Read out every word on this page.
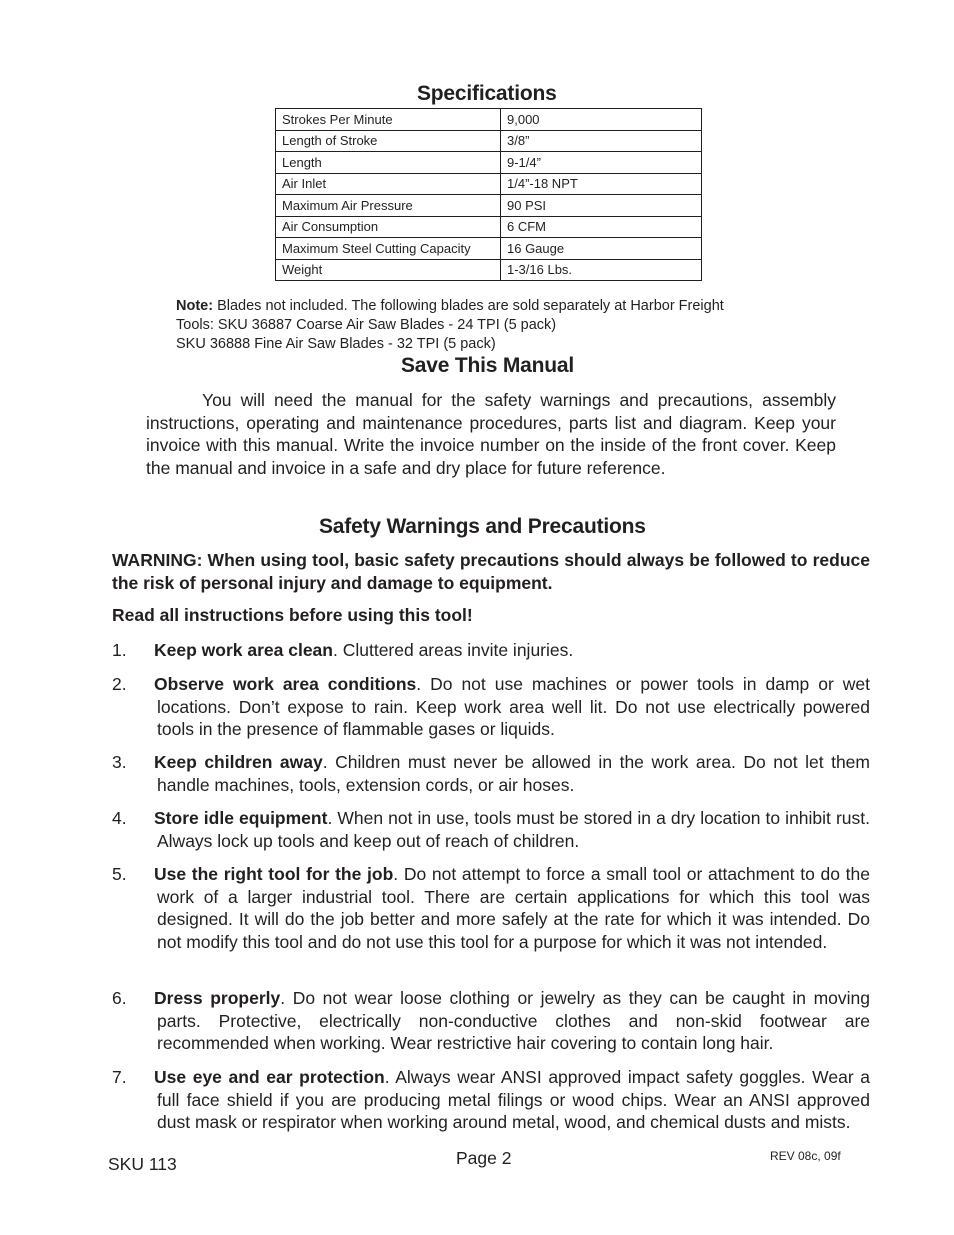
Specifications
Strokes Per Minute	9,000
Length of Stroke	3/8”
Length	9-1/4”
Air Inlet	1/4”-18 NPT
Maximum Air Pressure	90 PSI
Air Consumption	6 CFM
Maximum Steel Cutting Capacity	16 Gauge
Weight	1-3/16 Lbs.
Note: Blades not included. The following blades are sold separately at Harbor Freight
Tools: SKU 36887 Coarse Air Saw Blades - 24 TPI (5 pack)
SKU 36888 Fine Air Saw Blades - 32 TPI (5 pack)
Save This Manual
You will need the manual for the safety warnings and precautions, assembly instructions, operating and maintenance procedures, parts list and diagram. Keep your invoice with this manual. Write the invoice number on the inside of the front cover. Keep the manual and invoice in a safe and dry place for future reference.
Safety Warnings and Precautions
WARNING: When using tool, basic safety precautions should always be followed to reduce the risk of personal injury and damage to equipment.
Read all instructions before using this tool!
1. Keep work area clean. Cluttered areas invite injuries.
2. Observe work area conditions. Do not use machines or power tools in damp or wet locations. Don’t expose to rain. Keep work area well lit. Do not use electrically powered tools in the presence of flammable gases or liquids.
3. Keep children away. Children must never be allowed in the work area. Do not let them handle machines, tools, extension cords, or air hoses.
4. Store idle equipment. When not in use, tools must be stored in a dry location to inhibit rust. Always lock up tools and keep out of reach of children.
5. Use the right tool for the job. Do not attempt to force a small tool or attachment to do the work of a larger industrial tool. There are certain applications for which this tool was designed. It will do the job better and more safely at the rate for which it was intended. Do not modify this tool and do not use this tool for a purpose for which it was not intended.
6. Dress properly. Do not wear loose clothing or jewelry as they can be caught in moving parts. Protective, electrically non-conductive clothes and non-skid footwear are recommended when working. Wear restrictive hair covering to contain long hair.
7. Use eye and ear protection. Always wear ANSI approved impact safety goggles. Wear a full face shield if you are producing metal filings or wood chips. Wear an ANSI approved dust mask or respirator when working around metal, wood, and chemical dusts and mists.
SKU 113	Page 2	REV 08c, 09f
